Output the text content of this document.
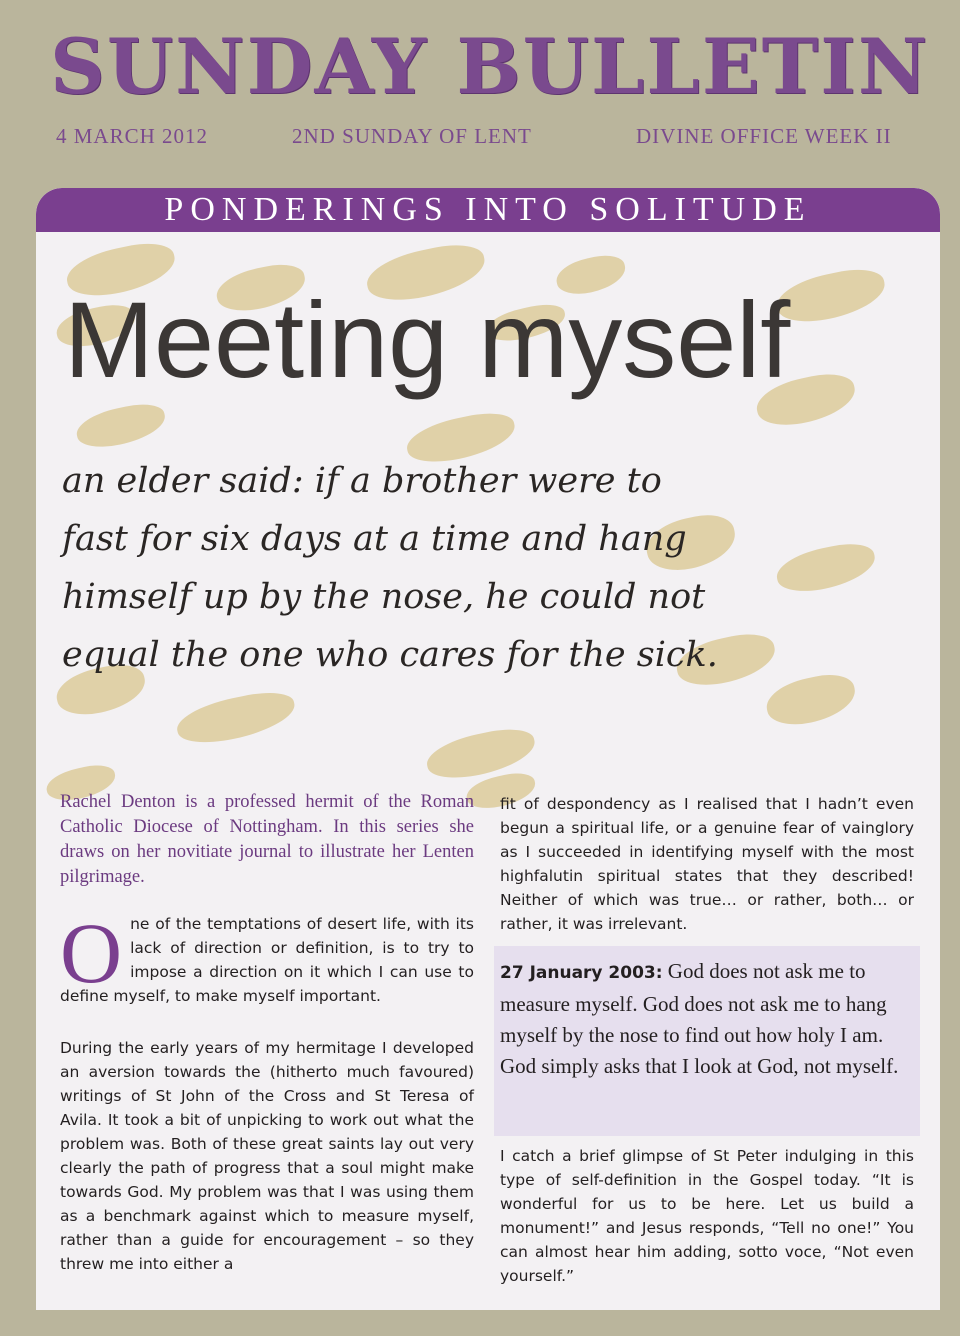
SUNDAY BULLETIN
4 MARCH 2012	2ND SUNDAY OF LENT	DIVINE OFFICE WEEK II
PONDERINGS INTO SOLITUDE
Meeting myself
an elder said: if a brother were to
fast for six days at a time and hang
himself up by the nose, he could not
equal the one who cares for the sick.
Rachel Denton is a professed hermit of the Roman Catholic Diocese of Nottingham. In this series she draws on her novitiate journal to illustrate her Lenten pilgrimage.
One of the temptations of desert life, with its lack of direction or definition, is to try to impose a direction on it which I can use to define myself, to make myself important.
During the early years of my hermitage I developed an aversion towards the (hitherto much favoured) writings of St John of the Cross and St Teresa of Avila. It took a bit of unpicking to work out what the problem was. Both of these great saints lay out very clearly the path of progress that a soul might make towards God. My problem was that I was using them as a benchmark against which to measure myself, rather than a guide for encouragement – so they threw me into either a
fit of despondency as I realised that I hadn’t even begun a spiritual life, or a genuine fear of vainglory as I succeeded in identifying myself with the most highfalutin spiritual states that they described! Neither of which was true… or rather, both… or rather, it was irrelevant.
27 January 2003: God does not ask me to measure myself. God does not ask me to hang myself by the nose to find out how holy I am. God simply asks that I look at God, not myself.
I catch a brief glimpse of St Peter indulging in this type of self-definition in the Gospel today. “It is wonderful for us to be here. Let us build a monument!” and Jesus responds, “Tell no one!” You can almost hear him adding, sotto voce, “Not even yourself.”
